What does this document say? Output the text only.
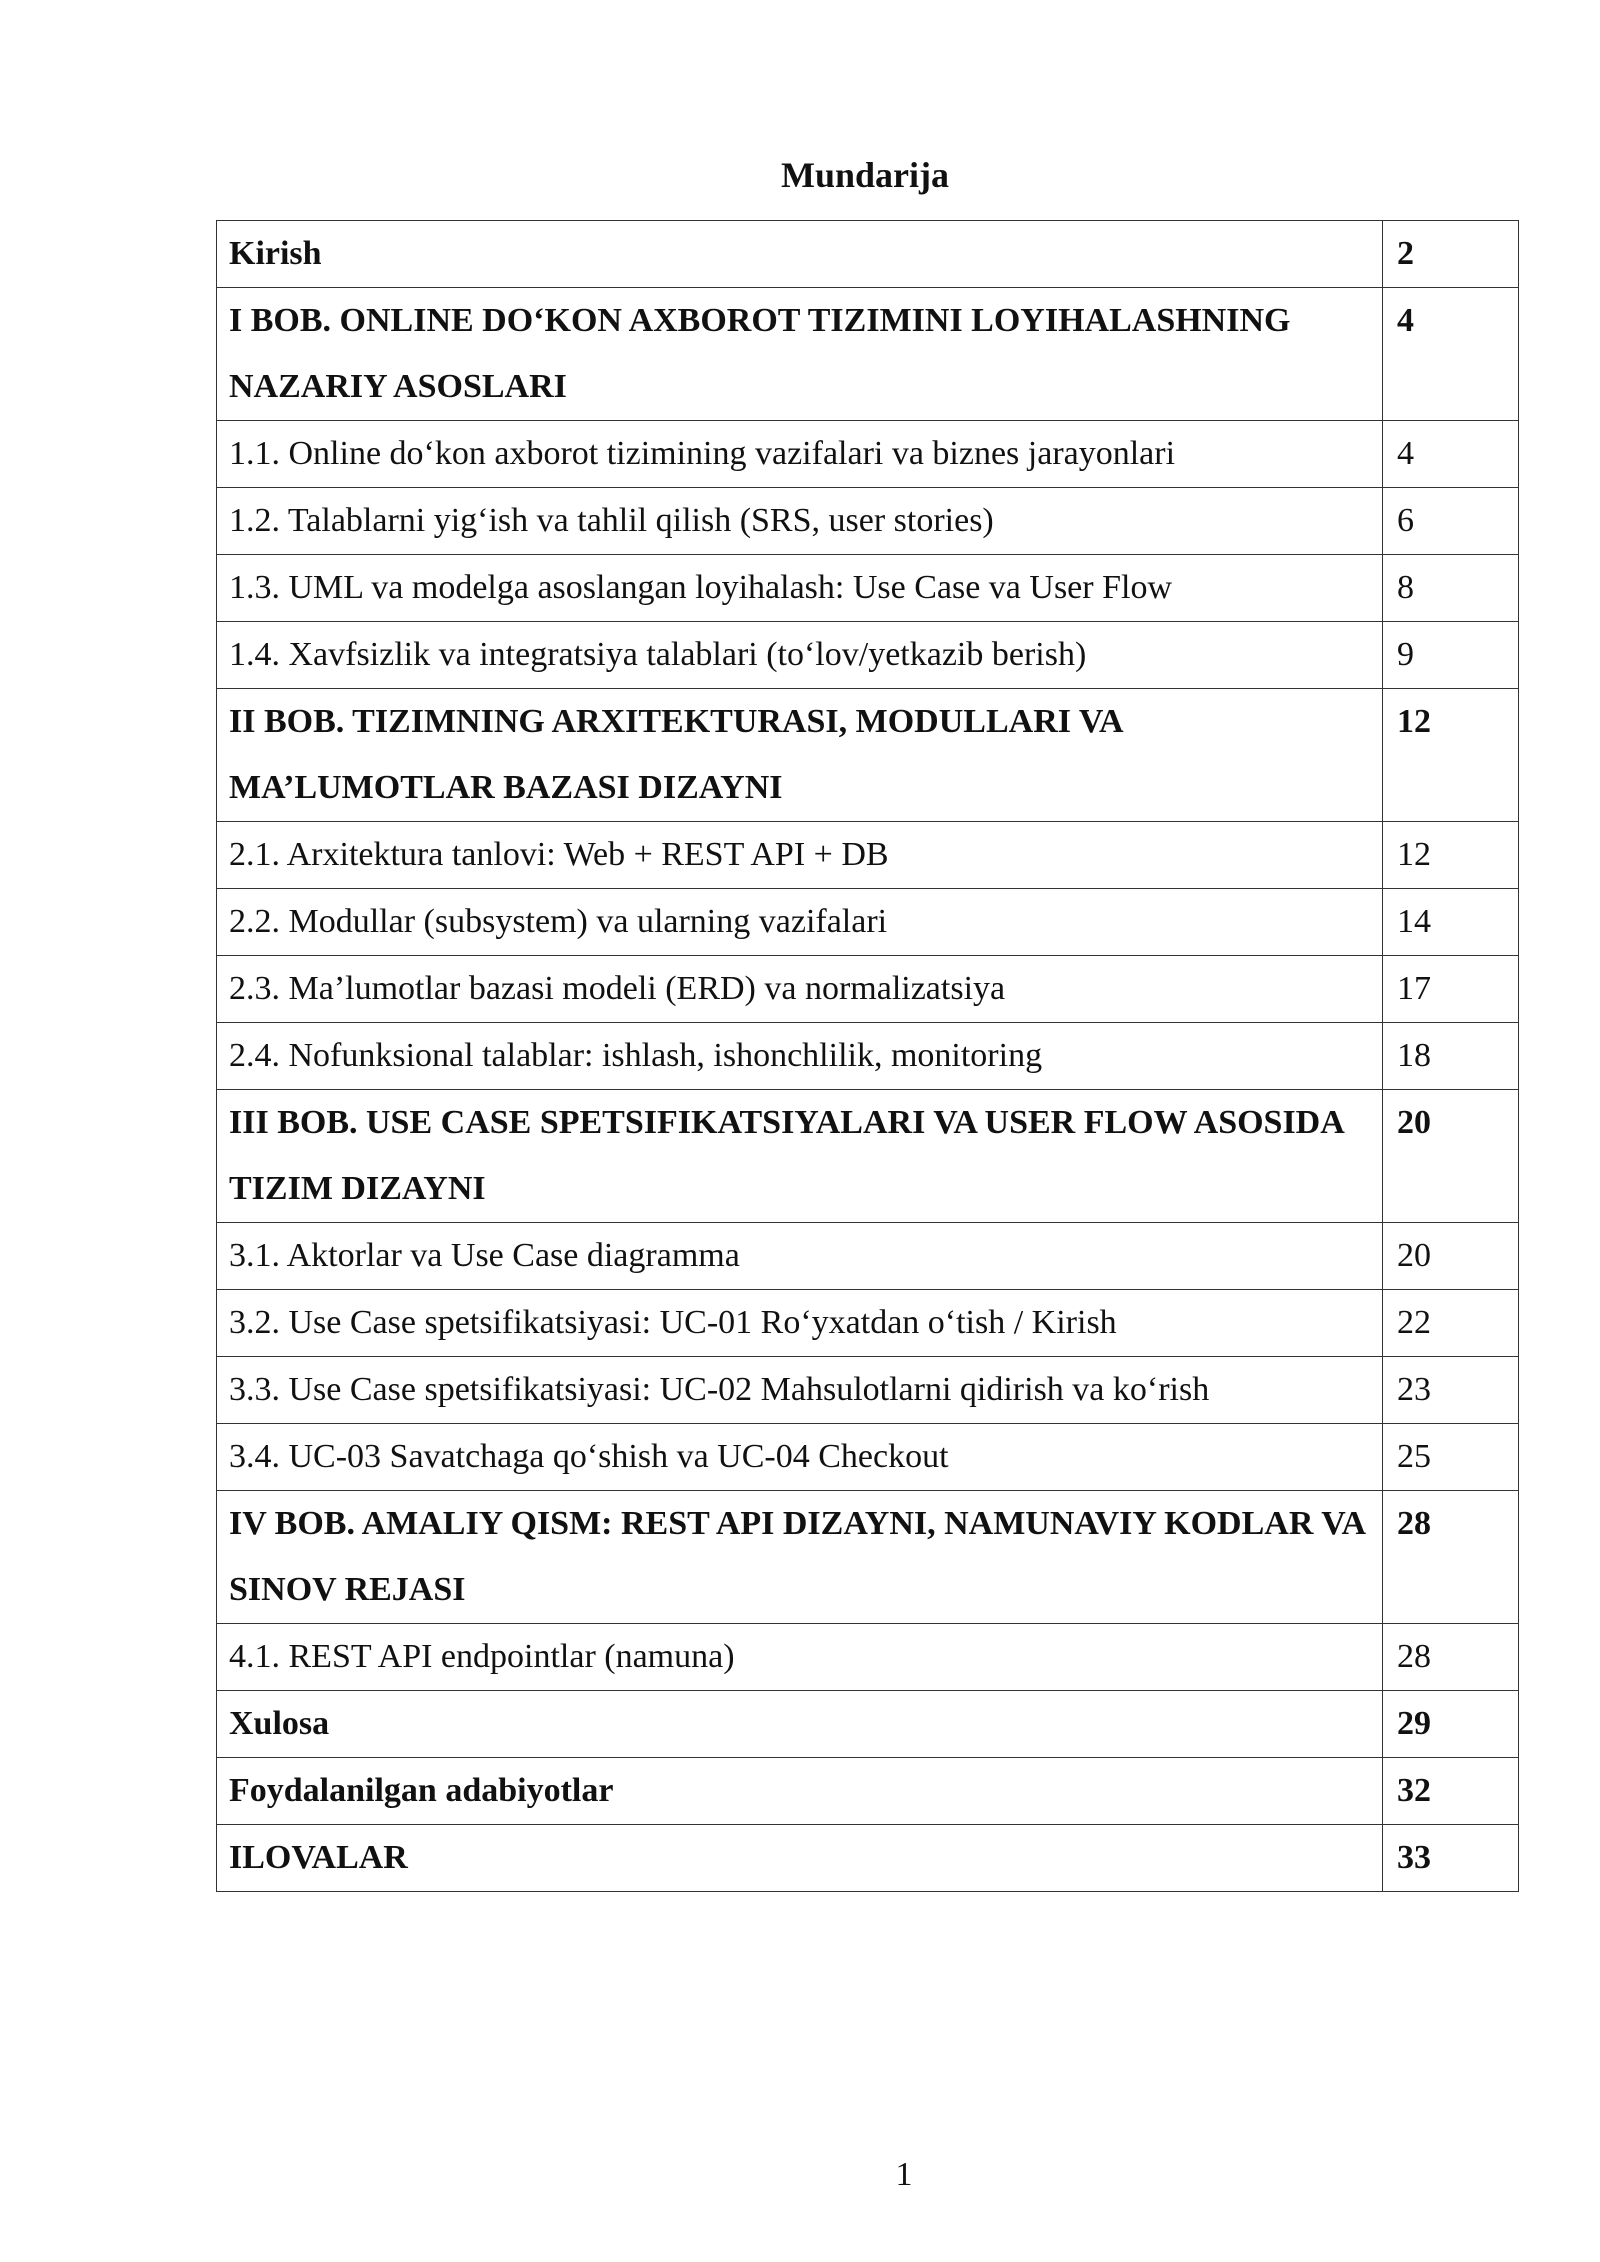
Mundarija
Kirish	2
I BOB. ONLINE DO‘KON AXBOROT TIZIMINI LOYIHALASHNING NAZARIY ASOSLARI	4
1.1. Online do‘kon axborot tizimining vazifalari va biznes jarayonlari	4
1.2. Talablarni yig‘ish va tahlil qilish (SRS, user stories)	6
1.3. UML va modelga asoslangan loyihalash: Use Case va User Flow	8
1.4. Xavfsizlik va integratsiya talablari (to‘lov/yetkazib berish)	9
II BOB. TIZIMNING ARXITEKTURASI, MODULLARI VA MA’LUMOTLAR BAZASI DIZAYNI	12
2.1. Arxitektura tanlovi: Web + REST API + DB	12
2.2. Modullar (subsystem) va ularning vazifalari	14
2.3. Ma’lumotlar bazasi modeli (ERD) va normalizatsiya	17
2.4. Nofunksional talablar: ishlash, ishonchlilik, monitoring	18
III BOB. USE CASE SPETSIFIKATSIYALARI VA USER FLOW ASOSIDA TIZIM DIZAYNI	20
3.1. Aktorlar va Use Case diagramma	20
3.2. Use Case spetsifikatsiyasi: UC-01 Ro‘yxatdan o‘tish / Kirish	22
3.3. Use Case spetsifikatsiyasi: UC-02 Mahsulotlarni qidirish va ko‘rish	23
3.4. UC-03 Savatchaga qo‘shish va UC-04 Checkout	25
IV BOB. AMALIY QISM: REST API DIZAYNI, NAMUNAVIY KODLAR VA SINOV REJASI	28
4.1. REST API endpointlar (namuna)	28
Xulosa	29
Foydalanilgan adabiyotlar	32
ILOVALAR	33
1
